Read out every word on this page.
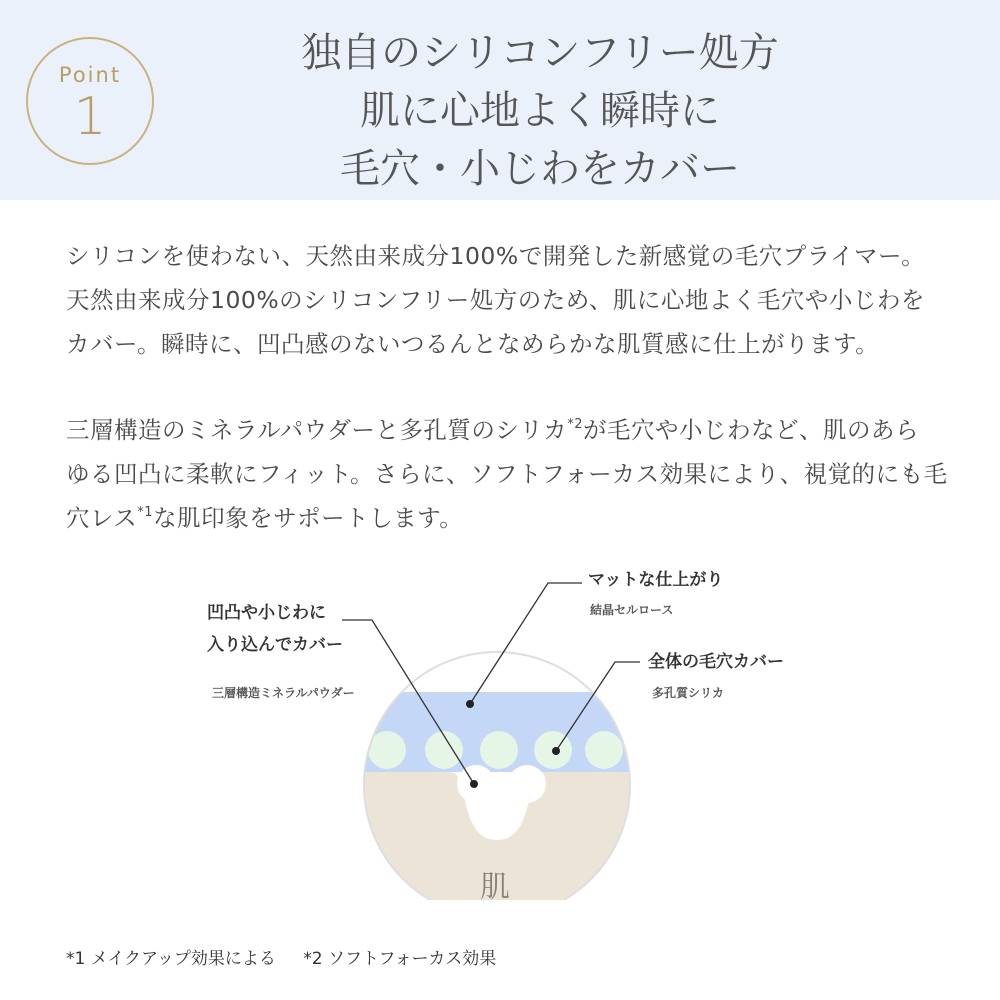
Point
1
独自のシリコンフリー処方
肌に心地よく瞬時に
毛穴・小じわをカバー
シリコンを使わない、天然由来成分100%で開発した新感覚の毛穴プライマー。
天然由来成分100%のシリコンフリー処方のため、肌に心地よく毛穴や小じわを
カバー。瞬時に、凹凸感のないつるんとなめらかな肌質感に仕上がります。
三層構造のミネラルパウダーと多孔質のシリカ$^{*2}$が毛穴や小じわなど、肌のあら
ゆる凹凸に柔軟にフィット。さらに、ソフトフォーカス効果により、視覚的にも毛
穴レス$^{*1}$な肌印象をサポートします。
マットな仕上がり
結晶セルロース
凹凸や小じわに
入り込んでカバー
三層構造ミネラルパウダー
全体の毛穴カバー
多孔質シリカ
肌
*1 メイクアップ効果による *2 ソフトフォーカス効果
